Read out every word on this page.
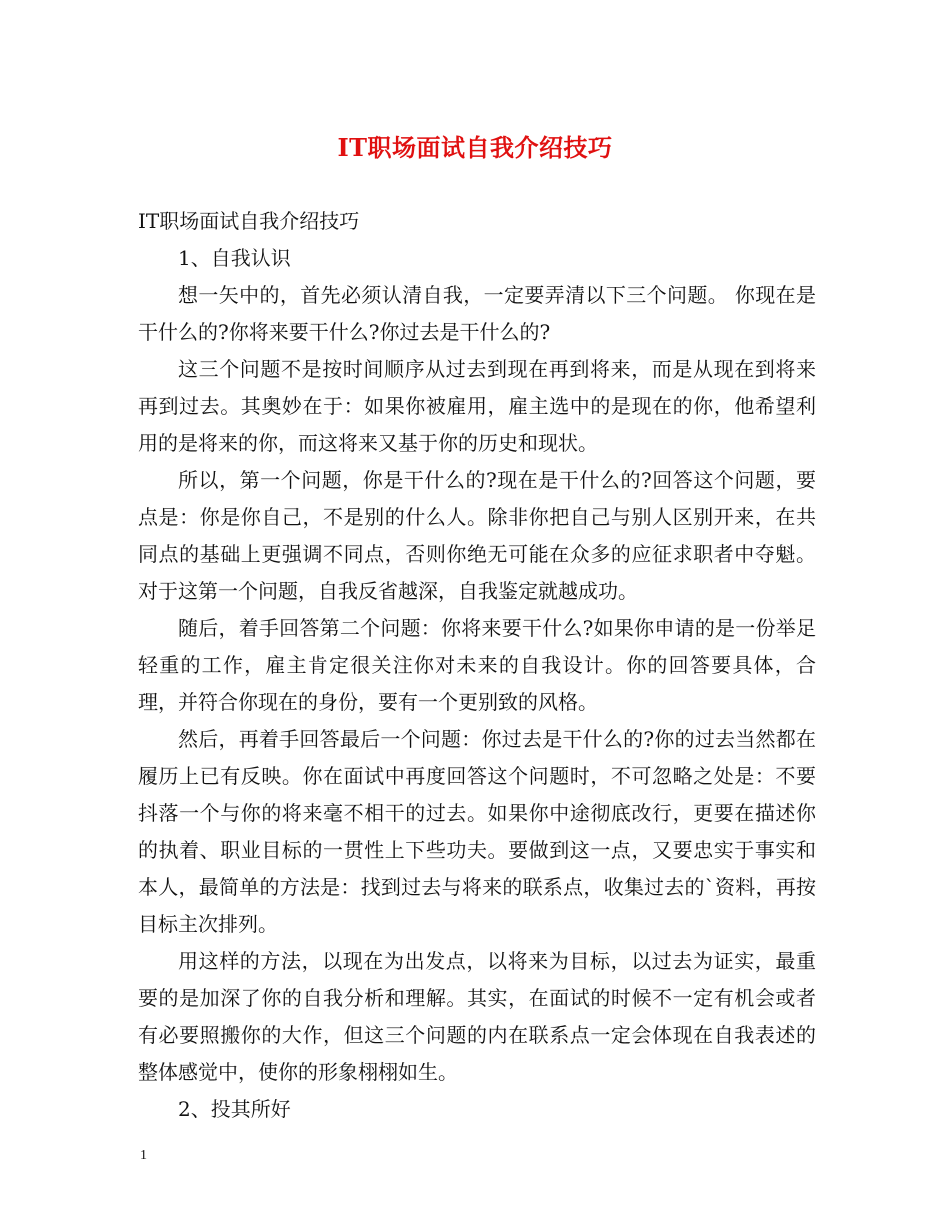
IT职场面试自我介绍技巧

IT职场面试自我介绍技巧

1、自我认识

想一矢中的，首先必须认清自我，一定要弄清以下三个问题。 你现在是干什么的?你将来要干什么?你过去是干什么的?

这三个问题不是按时间顺序从过去到现在再到将来，而是从现在到将来再到过去。其奥妙在于：如果你被雇用，雇主选中的是现在的你，他希望利用的是将来的你，而这将来又基于你的历史和现状。

所以，第一个问题，你是干什么的?现在是干什么的?回答这个问题，要点是：你是你自己，不是别的什么人。除非你把自己与别人区别开来，在共同点的基础上更强调不同点，否则你绝无可能在众多的应征求职者中夺魁。 对于这第一个问题，自我反省越深，自我鉴定就越成功。

随后，着手回答第二个问题：你将来要干什么?如果你申请的是一份举足轻重的工作，雇主肯定很关注你对未来的自我设计。你的回答要具体，合理，并符合你现在的身份，要有一个更别致的风格。

然后，再着手回答最后一个问题：你过去是干什么的?你的过去当然都在履历上已有反映。你在面试中再度回答这个问题时，不可忽略之处是：不要抖落一个与你的将来毫不相干的过去。如果你中途彻底改行，更要在描述你的执着、职业目标的一贯性上下些功夫。要做到这一点，又要忠实于事实和本人，最简单的方法是：找到过去与将来的联系点，收集过去的`资料，再按目标主次排列。

用这样的方法，以现在为出发点，以将来为目标，以过去为证实，最重要的是加深了你的自我分析和理解。其实，在面试的时候不一定有机会或者有必要照搬你的大作，但这三个问题的内在联系点一定会体现在自我表述的整体感觉中，使你的形象栩栩如生。

2、投其所好

1
